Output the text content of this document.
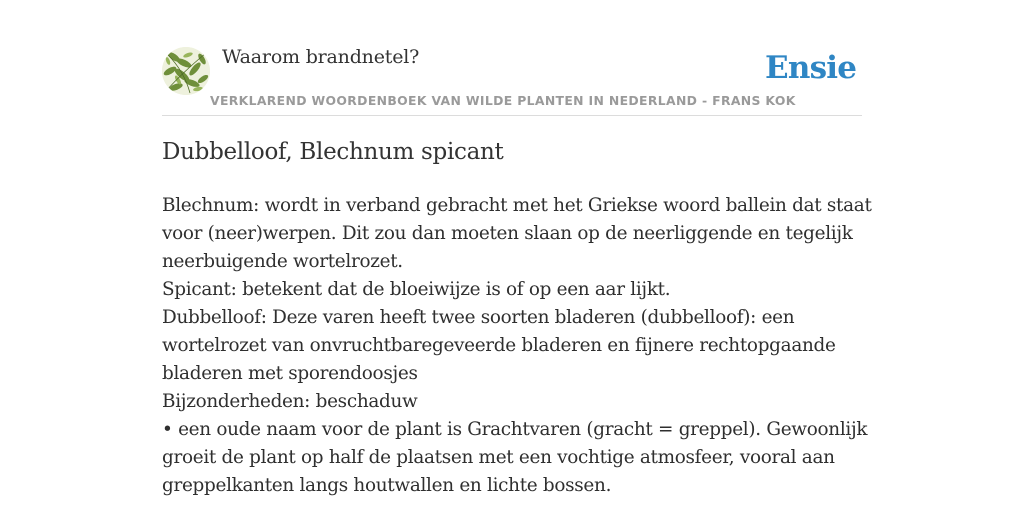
Waarom brandnetel?	Ensie
VERKLAREND WOORDENBOEK VAN WILDE PLANTEN IN NEDERLAND - FRANS KOK
Dubbelloof, Blechnum spicant
Blechnum: wordt in verband gebracht met het Griekse woord ballein dat staat
voor (neer)werpen. Dit zou dan moeten slaan op de neerliggende en tegelijk
neerbuigende wortelrozet.
Spicant: betekent dat de bloeiwijze is of op een aar lijkt.
Dubbelloof: Deze varen heeft twee soorten bladeren (dubbelloof): een
wortelrozet van onvruchtbaregeveerde bladeren en fijnere rechtopgaande
bladeren met sporendoosjes
Bijzonderheden: beschaduw
• een oude naam voor de plant is Grachtvaren (gracht = greppel). Gewoonlijk
groeit de plant op half de plaatsen met een vochtige atmosfeer, vooral aan
greppelkanten langs houtwallen en lichte bossen.
